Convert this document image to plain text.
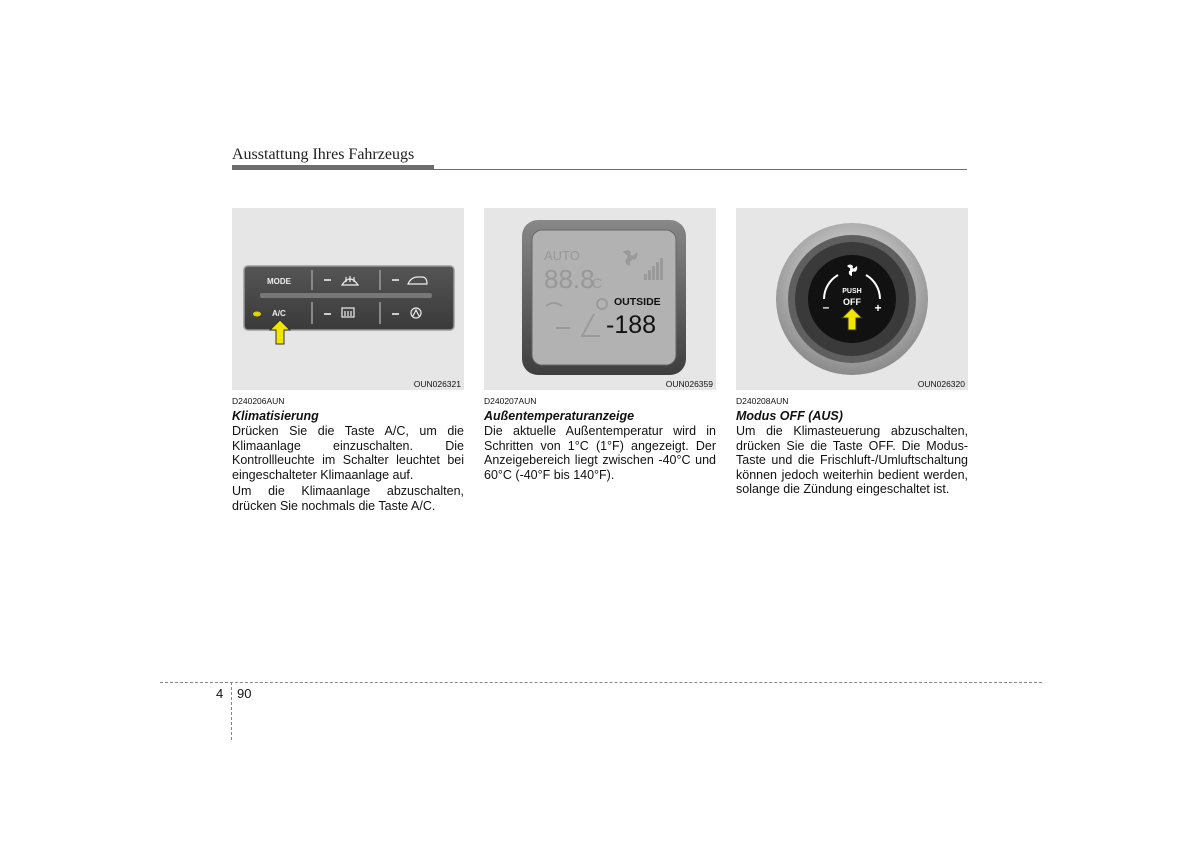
Ausstattung Ihres Fahrzeugs
MODE
A/C
OUN026321
AUTO
88.8
C
OUTSIDE
-188
OUN026359
PUSH
OFF
–	+
OUN026320
D240206AUN
Klimatisierung
Drücken Sie die Taste A/C, um die Klimaanlage einzuschalten. Die Kontrollleuchte im Schalter leuchtet bei eingeschalteter Klimaanlage auf.
Um die Klimaanlage abzuschalten, drücken Sie nochmals die Taste A/C.
D240207AUN
Außentemperaturanzeige
Die aktuelle Außentemperatur wird in Schritten von 1°C (1°F) angezeigt. Der Anzeigebereich liegt zwischen -40°C und 60°C (-40°F bis 140°F).
D240208AUN
Modus OFF (AUS)
Um die Klimasteuerung abzuschalten, drücken Sie die Taste OFF. Die Modus-Taste und die Frischluft-/Umluftschaltung können jedoch weiterhin bedient werden, solange die Zündung eingeschaltet ist.
4 90
